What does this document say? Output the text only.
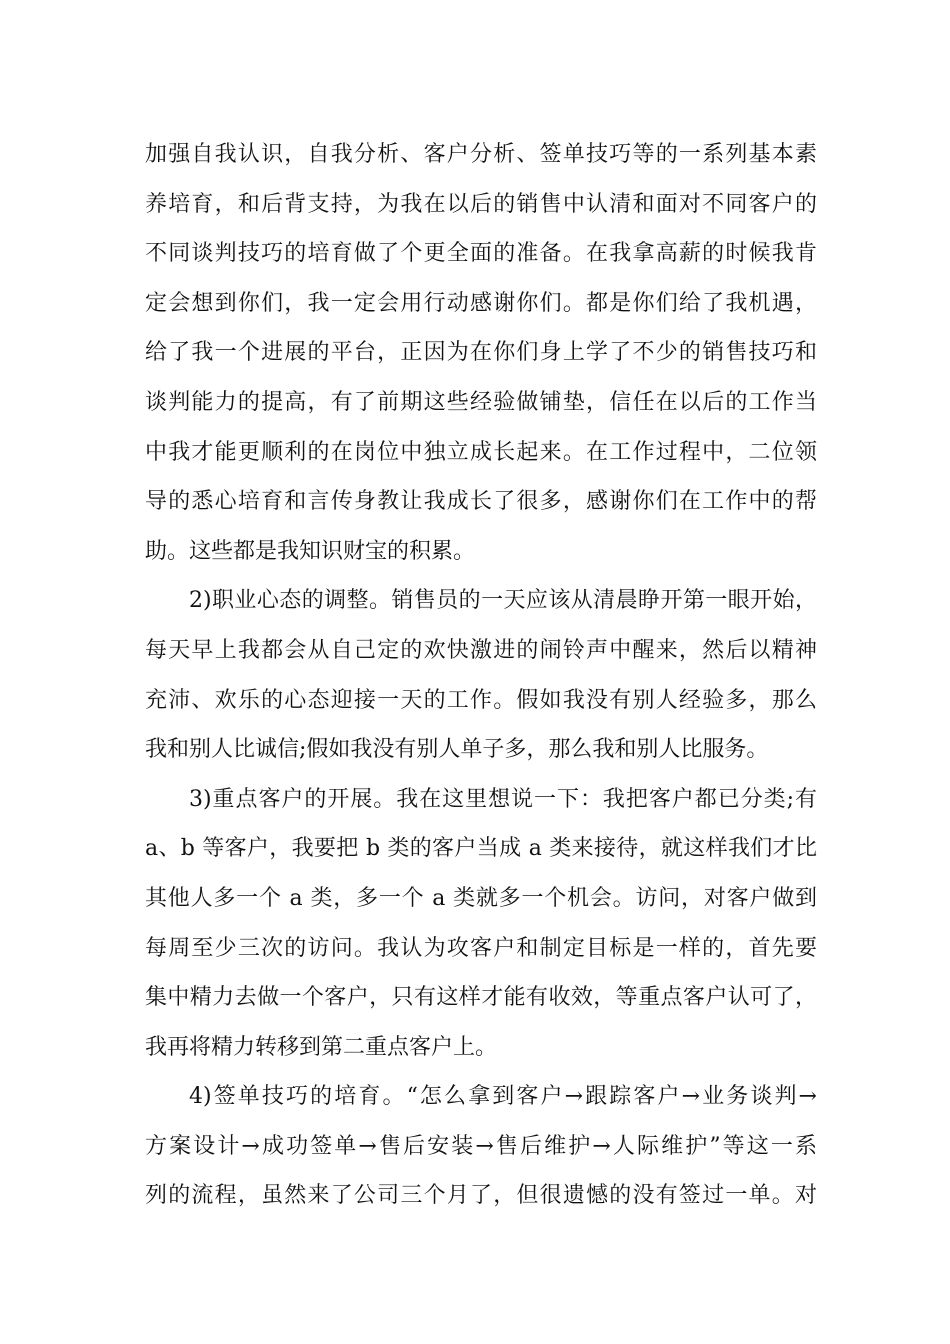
加强自我认识，自我分析、客户分析、签单技巧等的一系列基本素
养培育，和后背支持，为我在以后的销售中认清和面对不同客户的
不同谈判技巧的培育做了个更全面的准备。在我拿高薪的时候我肯
定会想到你们，我一定会用行动感谢你们。都是你们给了我机遇，
给了我一个进展的平台，正因为在你们身上学了不少的销售技巧和
谈判能力的提高，有了前期这些经验做铺垫，信任在以后的工作当
中我才能更顺利的在岗位中独立成长起来。在工作过程中，二位领
导的悉心培育和言传身教让我成长了很多，感谢你们在工作中的帮
助。这些都是我知识财宝的积累。
2)职业心态的调整。销售员的一天应该从清晨睁开第一眼开始，
每天早上我都会从自己定的欢快激进的闹铃声中醒来，然后以精神
充沛、欢乐的心态迎接一天的工作。假如我没有别人经验多，那么
我和别人比诚信;假如我没有别人单子多，那么我和别人比服务。
3)重点客户的开展。我在这里想说一下：我把客户都已分类;有
a、b 等客户，我要把 b 类的客户当成 a 类来接待，就这样我们才比
其他人多一个 a 类，多一个 a 类就多一个机会。访问，对客户做到
每周至少三次的访问。我认为攻客户和制定目标是一样的，首先要
集中精力去做一个客户，只有这样才能有收效，等重点客户认可了，
我再将精力转移到第二重点客户上。
4)签单技巧的培育。“怎么拿到客户→跟踪客户→业务谈判→
方案设计→成功签单→售后安装→售后维护→人际维护”等这一系
列的流程，虽然来了公司三个月了，但很遗憾的没有签过一单。对
